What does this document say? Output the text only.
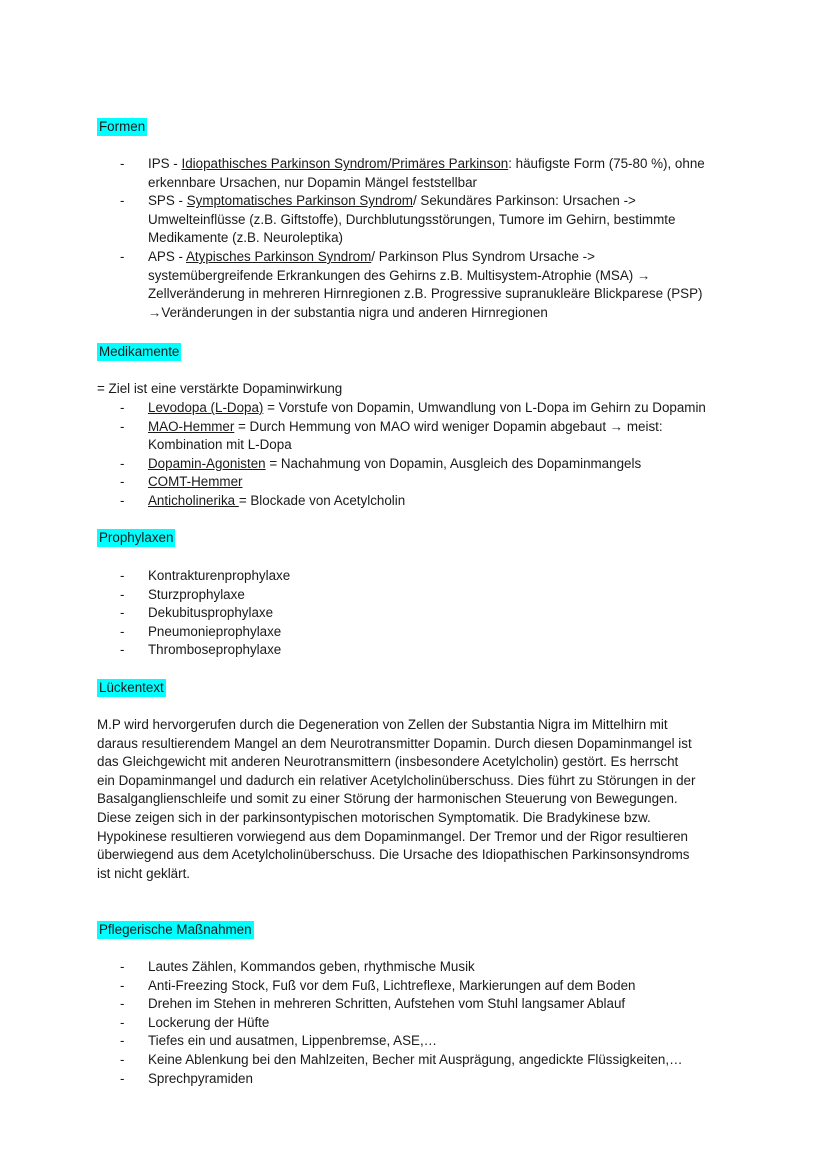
Formen
- IPS - Idiopathisches Parkinson Syndrom/Primäres Parkinson: häufigste Form (75-80 %), ohne
erkennbare Ursachen, nur Dopamin Mängel feststellbar
- SPS - Symptomatisches Parkinson Syndrom/ Sekundäres Parkinson: Ursachen ->
Umwelteinflüsse (z.B. Giftstoffe), Durchblutungsstörungen, Tumore im Gehirn, bestimmte
Medikamente (z.B. Neuroleptika)
- APS - Atypisches Parkinson Syndrom/ Parkinson Plus Syndrom Ursache ->
systemübergreifende Erkrankungen des Gehirns z.B. Multisystem-Atrophie (MSA) →
Zellveränderung in mehreren Hirnregionen z.B. Progressive supranukleäre Blickparese (PSP)
→Veränderungen in der substantia nigra und anderen Hirnregionen
Medikamente

= Ziel ist eine verstärkte Dopaminwirkung

- Levodopa (L-Dopa) = Vorstufe von Dopamin, Umwandlung von L-Dopa im Gehirn zu Dopamin
- MAO-Hemmer = Durch Hemmung von MAO wird weniger Dopamin abgebaut → meist:
Kombination mit L-Dopa
- Dopamin-Agonisten = Nachahmung von Dopamin, Ausgleich des Dopaminmangels
- COMT-Hemmer
- Anticholinerika = Blockade von Acetylcholin
Prophylaxen
- Kontrakturenprophylaxe
- Sturzprophylaxe
- Dekubitusprophylaxe
- Pneumonieprophylaxe
- Thromboseprophylaxe
Lückentext
M.P wird hervorgerufen durch die Degeneration von Zellen der Substantia Nigra im Mittelhirn mit
daraus resultierendem Mangel an dem Neurotransmitter Dopamin. Durch diesen Dopaminmangel ist
das Gleichgewicht mit anderen Neurotransmittern (insbesondere Acetylcholin) gestört. Es herrscht
ein Dopaminmangel und dadurch ein relativer Acetylcholinüberschuss. Dies führt zu Störungen in der
Basalganglienschleife und somit zu einer Störung der harmonischen Steuerung von Bewegungen.
Diese zeigen sich in der parkinsontypischen motorischen Symptomatik. Die Bradykinese bzw.
Hypokinese resultieren vorwiegend aus dem Dopaminmangel. Der Tremor und der Rigor resultieren
überwiegend aus dem Acetylcholinüberschuss. Die Ursache des Idiopathischen Parkinsonsyndroms
ist nicht geklärt.
Pflegerische Maßnahmen
- Lautes Zählen, Kommandos geben, rhythmische Musik
- Anti-Freezing Stock, Fuß vor dem Fuß, Lichtreflexe, Markierungen auf dem Boden
- Drehen im Stehen in mehreren Schritten, Aufstehen vom Stuhl langsamer Ablauf
- Lockerung der Hüfte
- Tiefes ein und ausatmen, Lippenbremse, ASE,…
- Keine Ablenkung bei den Mahlzeiten, Becher mit Ausprägung, angedickte Flüssigkeiten,…
- Sprechpyramiden
